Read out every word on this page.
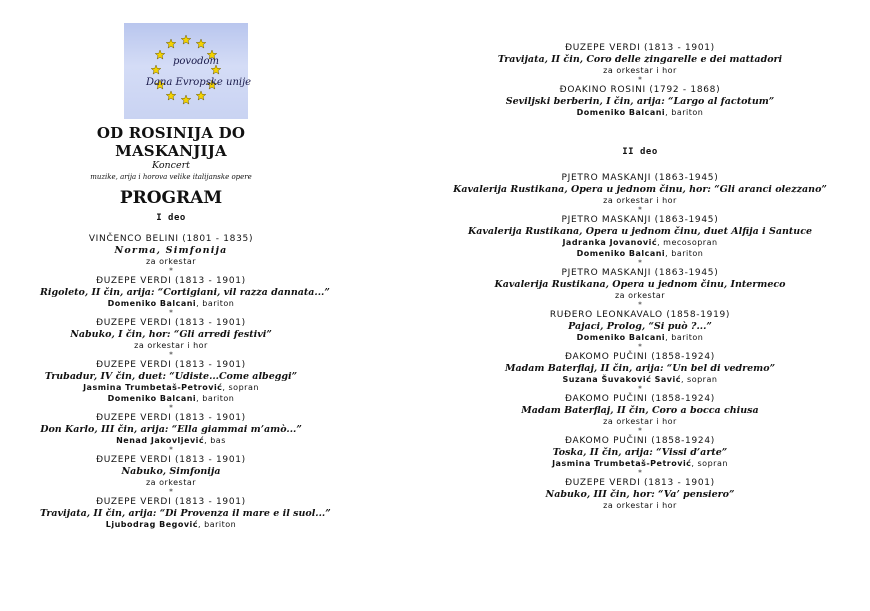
povodom
Dana Evropske unije
OD ROSINIJA DO MASKANJIJA
Koncert
muzike, arija i horova velike italijanske opere
PROGRAM
I deo
VINČENCO BELINI (1801 - 1835)
Norma, Simfonija
za orkestar
*
ĐUZEPE VERDI (1813 - 1901)
Rigoleto, II čin, arija: “Cortigiani, vil razza dannata...”
Domeniko Balcani, bariton
*
ĐUZEPE VERDI (1813 - 1901)
Nabuko, I čin, hor: “Gli arredi festivi”
za orkestar i hor
*
ĐUZEPE VERDI (1813 - 1901)
Trubadur, IV čin, duet: “Udiste...Come albeggi”
Jasmina Trumbetaš-Petrović, sopran
Domeniko Balcani, bariton
*
ĐUZEPE VERDI (1813 - 1901)
Don Karlo, III čin, arija: “Ella giammai m’amò...”
Nenad Jakovljević, bas
*
ĐUZEPE VERDI (1813 - 1901)
Nabuko, Simfonija
za orkestar
*
ĐUZEPE VERDI (1813 - 1901)
Travijata, II čin, arija: “Di Provenza il mare e il suol...”
Ljubodrag Begović, bariton
ĐUZEPE VERDI (1813 - 1901)
Travijata, II čin, Coro delle zingarelle e dei mattadori
za orkestar i hor
*
ĐOAKINO ROSINI (1792 - 1868)
Seviljski berberin, I čin, arija: “Largo al factotum”
Domeniko Balcani, bariton
II deo
PJETRO MASKANJI (1863-1945)
Kavalerija Rustikana, Opera u jednom činu, hor: “Gli aranci olezzano”
za orkestar i hor
*
PJETRO MASKANJI (1863-1945)
Kavalerija Rustikana, Opera u jednom činu, duet Alfija i Santuce
Jadranka Jovanović, mecosopran
Domeniko Balcani, bariton
*
PJETRO MASKANJI (1863-1945)
Kavalerija Rustikana, Opera u jednom činu, Intermeco
za orkestar
*
RUĐERO LEONKAVALO (1858-1919)
Pajaci, Prolog, “Si può ?...”
Domeniko Balcani, bariton
*
ĐAKOMO PUČINI (1858-1924)
Madam Baterflaj, II čin, arija: “Un bel di vedremo”
Suzana Šuvaković Savić, sopran
*
ĐAKOMO PUČINI (1858-1924)
Madam Baterflaj, II čin, Coro a bocca chiusa
za orkestar i hor
*
ĐAKOMO PUČINI (1858-1924)
Toska, II čin, arija: “Vissi d’arte”
Jasmina Trumbetaš-Petrović, sopran
*
ĐUZEPE VERDI (1813 - 1901)
Nabuko, III čin, hor: “Va’ pensiero”
za orkestar i hor
